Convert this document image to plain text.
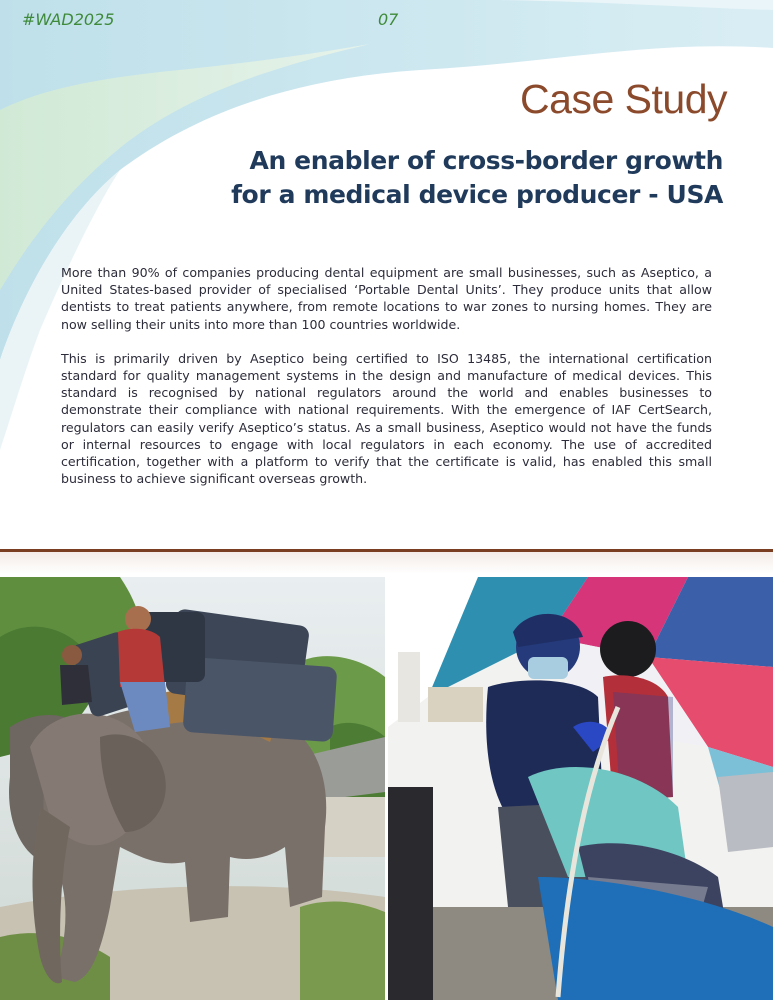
#WAD2025	07
Case Study
An enabler of cross-border growth
for a medical device producer - USA

More than 90% of companies producing dental equipment are small businesses, such as Aseptico, a United States-based provider of specialised ‘Portable Dental Units’. They produce units that allow dentists to treat patients anywhere, from remote locations to war zones to nursing homes. They are now selling their units into more than 100 countries worldwide.

This is primarily driven by Aseptico being certified to ISO 13485, the international certification standard for quality management systems in the design and manufacture of medical devices. This standard is recognised by national regulators around the world and enables businesses to demonstrate their compliance with national requirements. With the emergence of IAF CertSearch, regulators can easily verify Aseptico’s status. As a small business, Aseptico would not have the funds or internal resources to engage with local regulators in each economy. The use of accredited certification, together with a platform to verify that the certificate is valid, has enabled this small business to achieve significant overseas growth.
